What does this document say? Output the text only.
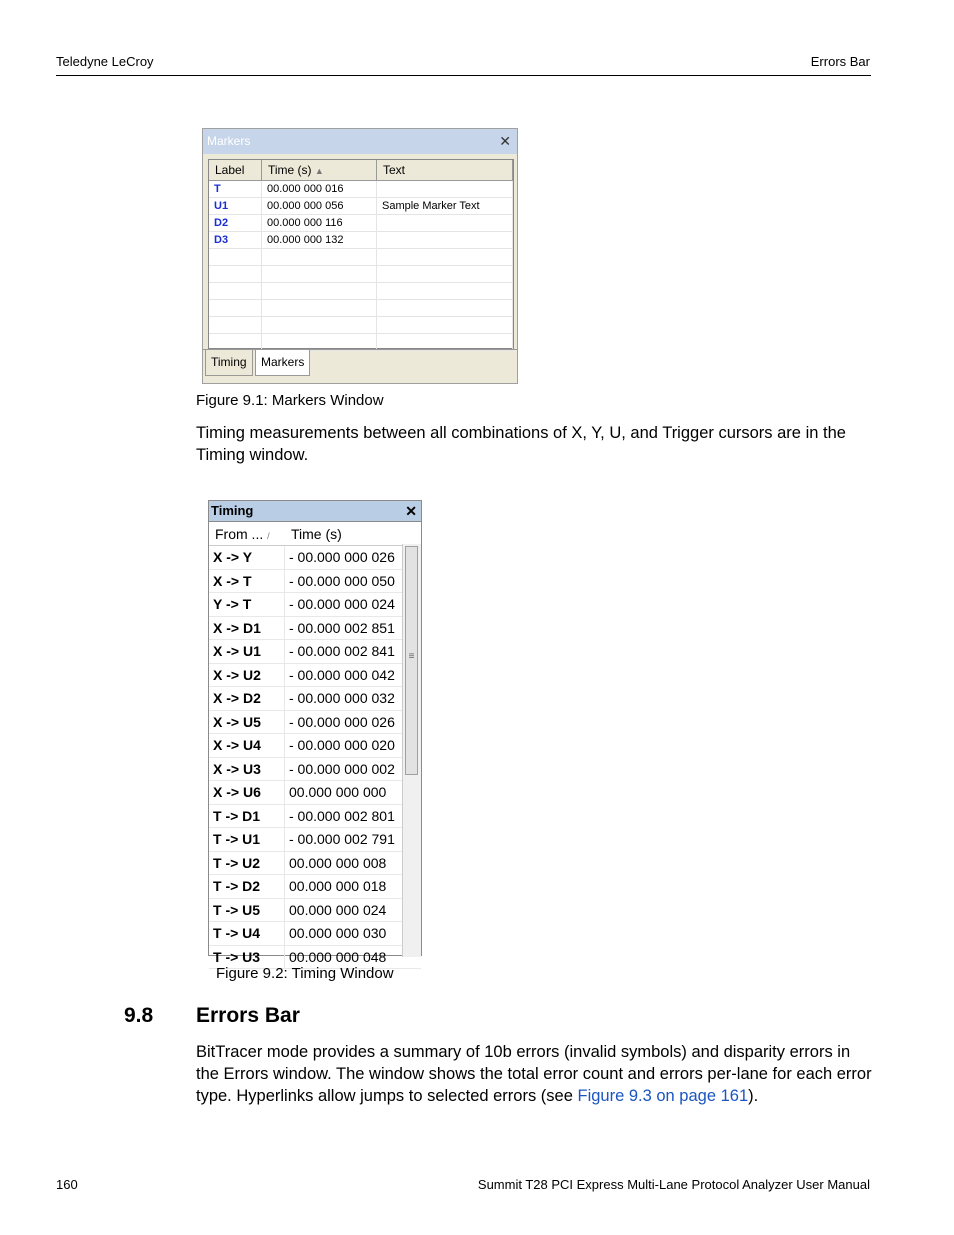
Teledyne LeCroy	Errors Bar
Markers	✕
Label	Time (s) ▲	Text
T	00.000 000 016
U1	00.000 000 056	Sample Marker Text
D2	00.000 000 116
D3	00.000 000 132
Timing	Markers
Figure 9.1: Markers Window
Timing measurements between all combinations of X, Y, U, and Trigger cursors are in the Timing window.
Timing	✕
From ... /	Time (s)
X -> Y	- 00.000 000 026
X -> T	- 00.000 000 050
Y -> T	- 00.000 000 024
X -> D1	- 00.000 002 851
X -> U1	- 00.000 002 841
X -> U2	- 00.000 000 042
X -> D2	- 00.000 000 032
X -> U5	- 00.000 000 026
X -> U4	- 00.000 000 020
X -> U3	- 00.000 000 002
X -> U6	00.000 000 000
T -> D1	- 00.000 002 801
T -> U1	- 00.000 002 791
T -> U2	00.000 000 008
T -> D2	00.000 000 018
T -> U5	00.000 000 024
T -> U4	00.000 000 030
T -> U3	00.000 000 048
≡
Figure 9.2: Timing Window
9.8 Errors Bar
BitTracer mode provides a summary of 10b errors (invalid symbols) and disparity errors in the Errors window. The window shows the total error count and errors per-lane for each error type. Hyperlinks allow jumps to selected errors (see Figure 9.3 on page 161).
160	Summit T28 PCI Express Multi-Lane Protocol Analyzer User Manual
